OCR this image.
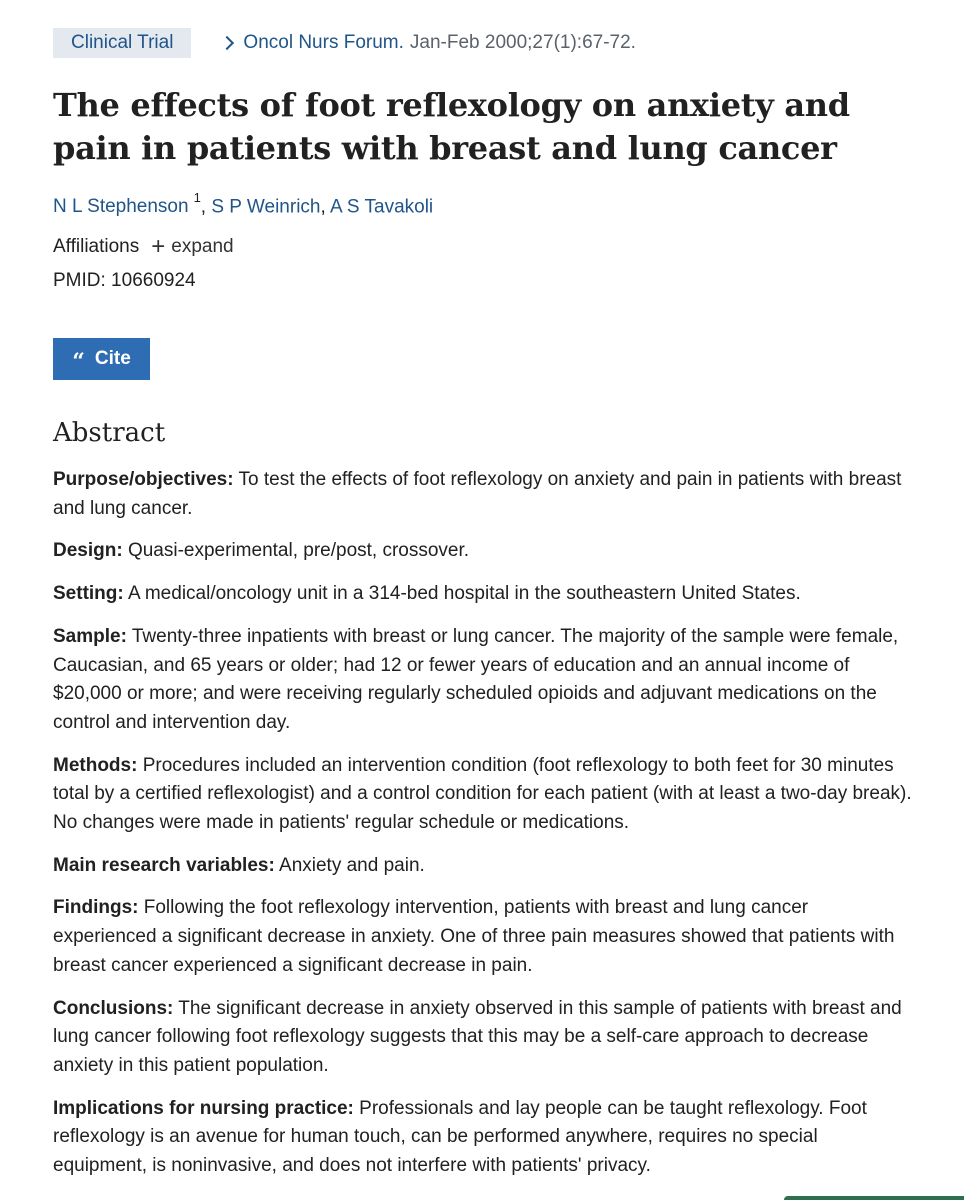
Clinical Trial	Oncol Nurs Forum. Jan-Feb 2000;27(1):67-72.
The effects of foot reflexology on anxiety and pain in patients with breast and lung cancer
N L Stephenson $^1$, S P Weinrich, A S Tavakoli
Affiliations + expand
PMID: 10660924
“ Cite
Abstract

Purpose/objectives: To test the effects of foot reflexology on anxiety and pain in patients with breast and lung cancer.

Design: Quasi-experimental, pre/post, crossover.

Setting: A medical/oncology unit in a 314-bed hospital in the southeastern United States.

Sample: Twenty-three inpatients with breast or lung cancer. The majority of the sample were female, Caucasian, and 65 years or older; had 12 or fewer years of education and an annual income of $20,000 or more; and were receiving regularly scheduled opioids and adjuvant medications on the control and intervention day.

Methods: Procedures included an intervention condition (foot reflexology to both feet for 30 minutes total by a certified reflexologist) and a control condition for each patient (with at least a two-day break). No changes were made in patients' regular schedule or medications.

Main research variables: Anxiety and pain.

Findings: Following the foot reflexology intervention, patients with breast and lung cancer experienced a significant decrease in anxiety. One of three pain measures showed that patients with breast cancer experienced a significant decrease in pain.

Conclusions: The significant decrease in anxiety observed in this sample of patients with breast and lung cancer following foot reflexology suggests that this may be a self-care approach to decrease anxiety in this patient population.

Implications for nursing practice: Professionals and lay people can be taught reflexology. Foot reflexology is an avenue for human touch, can be performed anywhere, requires no special equipment, is noninvasive, and does not interfere with patients' privacy.
